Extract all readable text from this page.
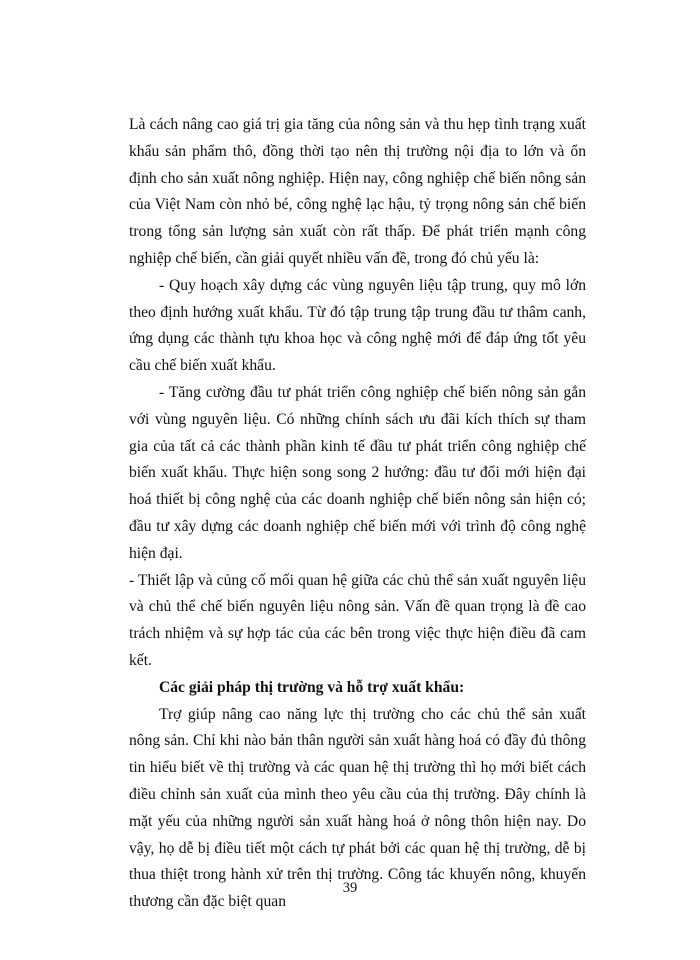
Là cách nâng cao giá trị gia tăng của nông sản và thu hẹp tình trạng xuất khẩu sản phẩm thô, đồng thời tạo nên thị trường nội địa to lớn và ổn định cho sản xuất nông nghiệp. Hiện nay, công nghiệp chế biến nông sản của Việt Nam còn nhỏ bé, công nghệ lạc hậu, tỷ trọng nông sản chế biến trong tổng sản lượng sản xuất còn rất thấp. Để phát triển mạnh công nghiệp chế biến, cần giải quyết nhiều vấn đề, trong đó chủ yếu là:

- Quy hoạch xây dựng các vùng nguyên liệu tập trung, quy mô lớn theo định hướng xuất khẩu. Từ đó tập trung tập trung đầu tư thâm canh, ứng dụng các thành tựu khoa học và công nghệ mới để đáp ứng tốt yêu cầu chế biến xuất khẩu.

- Tăng cường đầu tư phát triển công nghiệp chế biến nông sản gắn với vùng nguyên liệu. Có những chính sách ưu đãi kích thích sự tham gia của tất cả các thành phần kinh tế đầu tư phát triển công nghiệp chế biến xuất khẩu. Thực hiện song song 2 hướng: đầu tư đổi mới hiện đại hoá thiết bị công nghệ của các doanh nghiệp chế biến nông sản hiện có; đầu tư xây dựng các doanh nghiệp chế biến mới với trình độ công nghệ hiện đại.

- Thiết lập và củng cố mối quan hệ giữa các chủ thể sản xuất nguyên liệu và chủ thể chế biến nguyên liệu nông sản. Vấn đề quan trọng là đề cao trách nhiệm và sự hợp tác của các bên trong việc thực hiện điều đã cam kết.

Các giải pháp thị trường và hỗ trợ xuất khẩu:

Trợ giúp nâng cao năng lực thị trường cho các chủ thể sản xuất nông sản. Chỉ khi nào bản thân người sản xuất hàng hoá có đầy đủ thông tin hiểu biết về thị trường và các quan hệ thị trường thì họ mới biết cách điều chỉnh sản xuất của mình theo yêu cầu của thị trường. Đây chính là mặt yếu của những người sản xuất hàng hoá ở nông thôn hiện nay. Do vậy, họ dễ bị điều tiết một cách tự phát bởi các quan hệ thị trường, dễ bị thua thiệt trong hành xử trên thị trường. Công tác khuyến nông, khuyến thương cần đặc biệt quan

39
